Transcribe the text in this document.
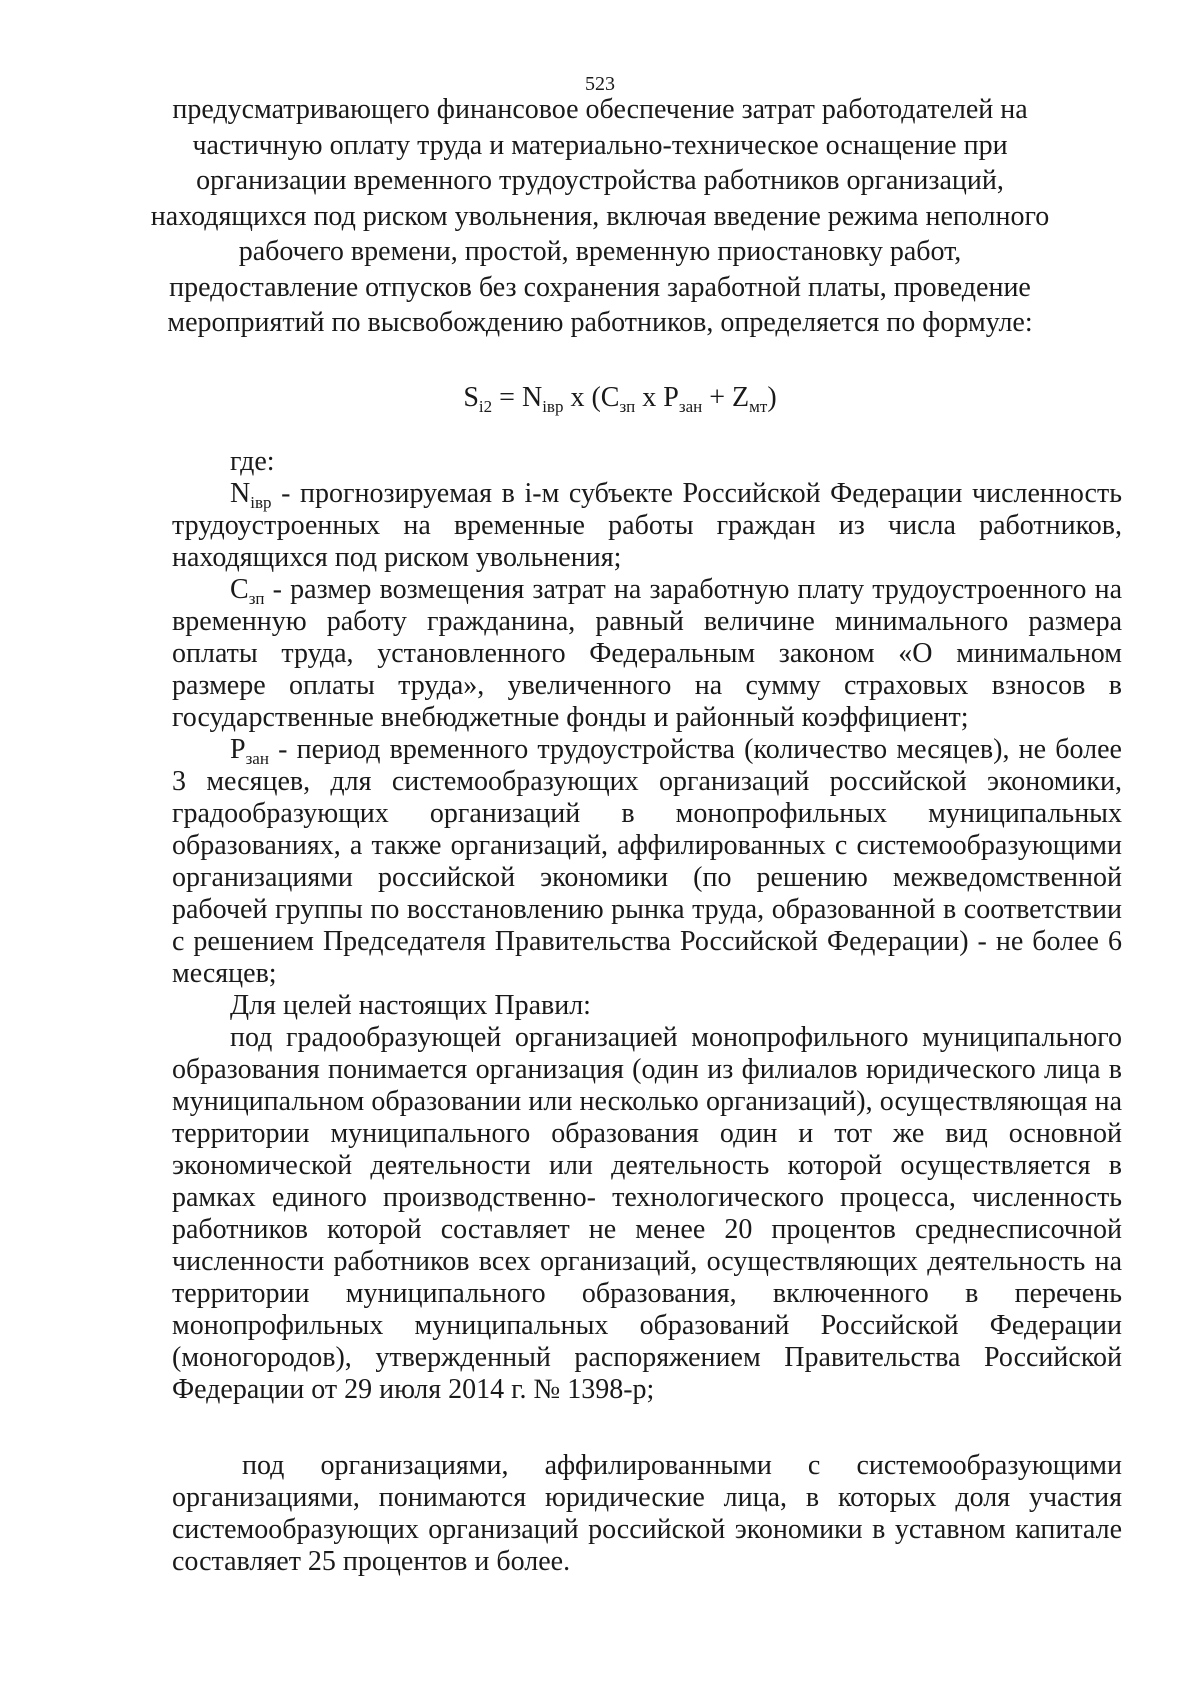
523
предусматривающего финансовое обеспечение затрат работодателей на частичную оплату труда и материально-техническое оснащение при организации временного трудоустройства работников организаций, находящихся под риском увольнения, включая введение режима неполного рабочего времени, простой, временную приостановку работ, предоставление отпусков без сохранения заработной платы, проведение мероприятий по высвобождению работников, определяется по формуле:
$S_{i2} = N_{iвр}$ x ($C_{зп}$ x $P_{зан} + Z_{мт}$)

где:

$N_{iвр}$ - прогнозируемая в i-м субъекте Российской Федерации численность трудоустроенных на временные работы граждан из числа работников, находящихся под риском увольнения;

$C_{зп}$ - размер возмещения затрат на заработную плату трудоустроенного на временную работу гражданина, равный величине минимального размера оплаты труда, установленного Федеральным законом «О минимальном размере оплаты труда», увеличенного на сумму страховых взносов в государственные внебюджетные фонды и районный коэффициент;

$P_{зан}$ - период временного трудоустройства (количество месяцев), не более 3 месяцев, для системообразующих организаций российской экономики, градообразующих организаций в монопрофильных муниципальных образованиях, а также организаций, аффилированных с системообразующими организациями российской экономики (по решению межведомственной рабочей группы по восстановлению рынка труда, образованной в соответствии с решением Председателя Правительства Российской Федерации) - не более 6 месяцев;

Для целей настоящих Правил:

под градообразующей организацией монопрофильного муниципального образования понимается организация (один из филиалов юридического лица в муниципальном образовании или несколько организаций), осуществляющая на территории муниципального образования один и тот же вид основной экономической деятельности или деятельность которой осуществляется в рамках единого производственно- технологического процесса, численность работников которой составляет не менее 20 процентов среднесписочной численности работников всех организаций, осуществляющих деятельность на территории муниципального образования, включенного в перечень монопрофильных муниципальных образований Российской Федерации (моногородов), утвержденный распоряжением Правительства Российской Федерации от 29 июля 2014 г. № 1398-р;

под организациями, аффилированными с системообразующими организациями, понимаются юридические лица, в которых доля участия системообразующих организаций российской экономики в уставном капитале составляет 25 процентов и более.
